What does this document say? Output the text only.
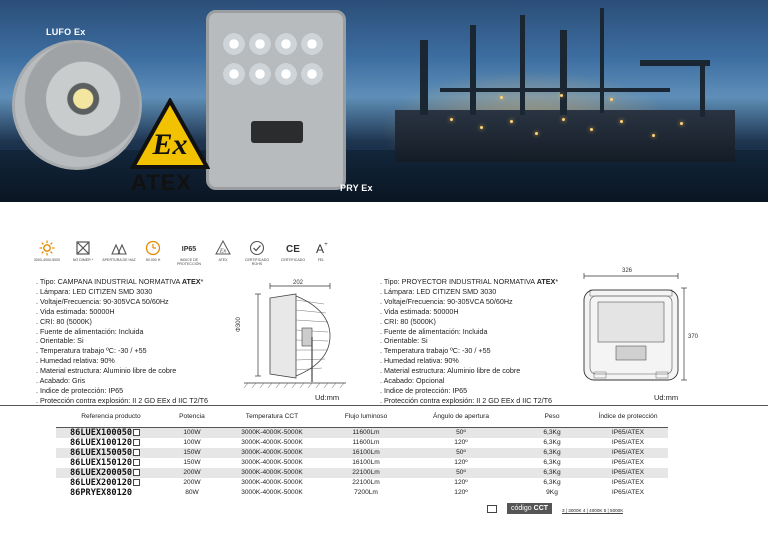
LUFO Ex
PRY Ex
Ex
ATEX
3000-4000-5000	NO DIMER *	APERTURA DE HAZ	50.000 H
IP65
INDICE DE PROTECCIÓN
Ex
ATEX	CERTIFICADO ROHS
CE
CERTIFICADO
A +
FEL
. Tipo: CAMPANA INDUSTRIAL NORMATIVA ATEX*
. Lámpara: LED CITIZEN SMD 3030
. Voltaje/Frecuencia: 90-305VCA 50/60Hz
. Vida estimada: 50000H
. CRI: 80 (5000K)
. Fuente de alimentación: Incluida
. Orientable: Si
. Temperatura trabajo ºC: -30 / +55
. Humedad relativa: 90%
. Material estructura: Aluminio libre de cobre
. Acabado: Gris
. Indice de protección: IP65
. Protección contra explosión: II 2 GD EEx d IIC T2/T6
202
Φ300
Ud:mm
. Tipo: PROYECTOR INDUSTRIAL NORMATIVA ATEX*
. Lámpara: LED CITIZEN SMD 3030
. Voltaje/Frecuencia: 90-305VCA 50/60Hz
. Vida estimada: 50000H
. CRI: 80 (5000K)
. Fuente de alimentación: Incluida
. Orientable: Si
. Temperatura trabajo ºC: -30 / +55
. Humedad relativa: 90%
. Material estructura: Aluminio libre de cobre
. Acabado: Opcional
. Indice de protección: IP65
. Protección contra explosión: II 2 GD EEx d IIC T2/T6
326
370
Ud:mm
Referencia producto	Potencia	Temperatura CCT	Flujo luminoso	Ángulo de apertura	Peso	Índice de protección
86LUEX100050	100W	3000K-4000K-5000K	11600Lm	50º	6,3Kg	IP65/ATEX
86LUEX100120	100W	3000K-4000K-5000K	11600Lm	120º	6,3Kg	IP65/ATEX
86LUEX150050	150W	3000K-4000K-5000K	16100Lm	50º	6,3Kg	IP65/ATEX
86LUEX150120	150W	3000K-4000K-5000K	16100Lm	120º	6,3Kg	IP65/ATEX
86LUEX200050	200W	3000K-4000K-5000K	22100Lm	50º	6,3Kg	IP65/ATEX
86LUEX200120	200W	3000K-4000K-5000K	22100Lm	120º	6,3Kg	IP65/ATEX
86PRYEX80120	80W	3000K-4000K-5000K	7200Lm	120º	9Kg	IP65/ATEX
código CCT	3 | 3000K 4 | 4000K 5 | 5000K
